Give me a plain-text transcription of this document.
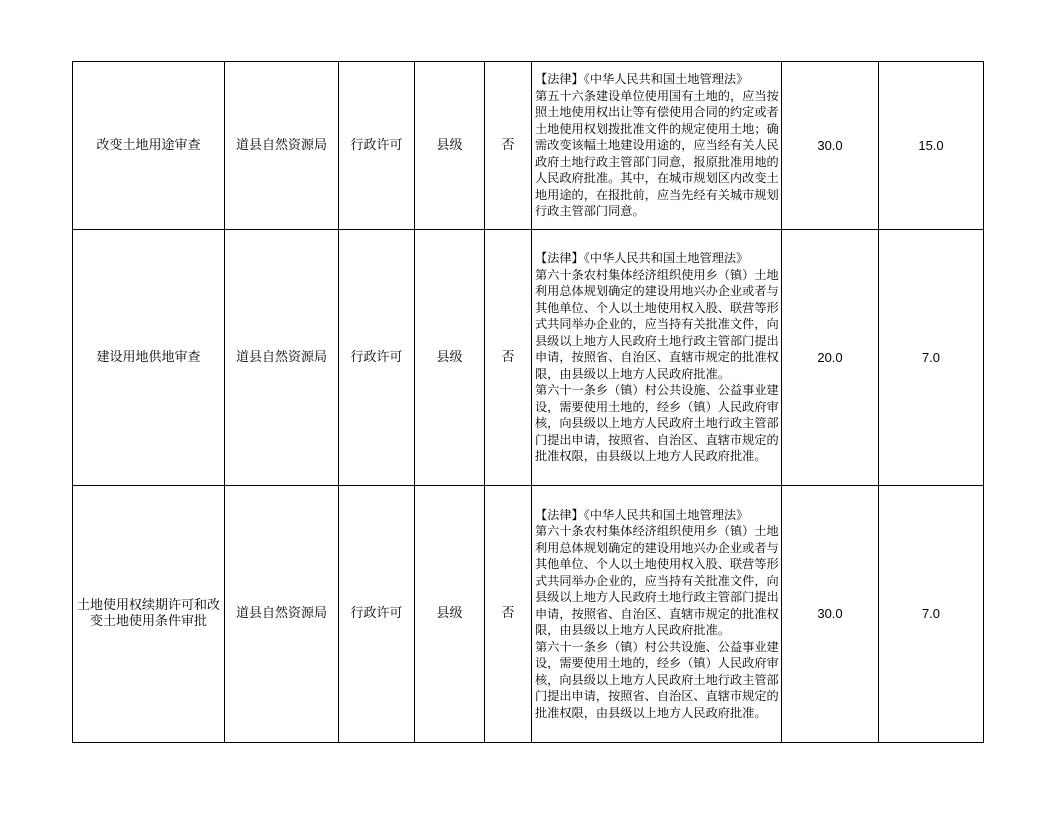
改变土地用途审查	道县自然资源局	行政许可	县级	否	【法律】《中华人民共和国土地管理法》
第五十六条建设单位使用国有土地的，应当按照土地使用权出让等有偿使用合同的约定或者土地使用权划拨批准文件的规定使用土地；确需改变该幅土地建设用途的，应当经有关人民政府土地行政主管部门同意，报原批准用地的人民政府批准。其中，在城市规划区内改变土地用途的，在报批前，应当先经有关城市规划行政主管部门同意。	30.0	15.0
建设用地供地审查	道县自然资源局	行政许可	县级	否	【法律】《中华人民共和国土地管理法》
第六十条农村集体经济组织使用乡（镇）土地利用总体规划确定的建设用地兴办企业或者与其他单位、个人以土地使用权入股、联营等形式共同举办企业的，应当持有关批准文件，向县级以上地方人民政府土地行政主管部门提出申请，按照省、自治区、直辖市规定的批准权限，由县级以上地方人民政府批准。
第六十一条乡（镇）村公共设施、公益事业建设，需要使用土地的，经乡（镇）人民政府审核，向县级以上地方人民政府土地行政主管部门提出申请，按照省、自治区、直辖市规定的批准权限，由县级以上地方人民政府批准。	20.0	7.0
土地使用权续期许可和改变土地使用条件审批	道县自然资源局	行政许可	县级	否	【法律】《中华人民共和国土地管理法》
第六十条农村集体经济组织使用乡（镇）土地利用总体规划确定的建设用地兴办企业或者与其他单位、个人以土地使用权入股、联营等形式共同举办企业的，应当持有关批准文件，向县级以上地方人民政府土地行政主管部门提出申请，按照省、自治区、直辖市规定的批准权限，由县级以上地方人民政府批准。
第六十一条乡（镇）村公共设施、公益事业建设，需要使用土地的，经乡（镇）人民政府审核，向县级以上地方人民政府土地行政主管部门提出申请，按照省、自治区、直辖市规定的批准权限，由县级以上地方人民政府批准。	30.0	7.0
